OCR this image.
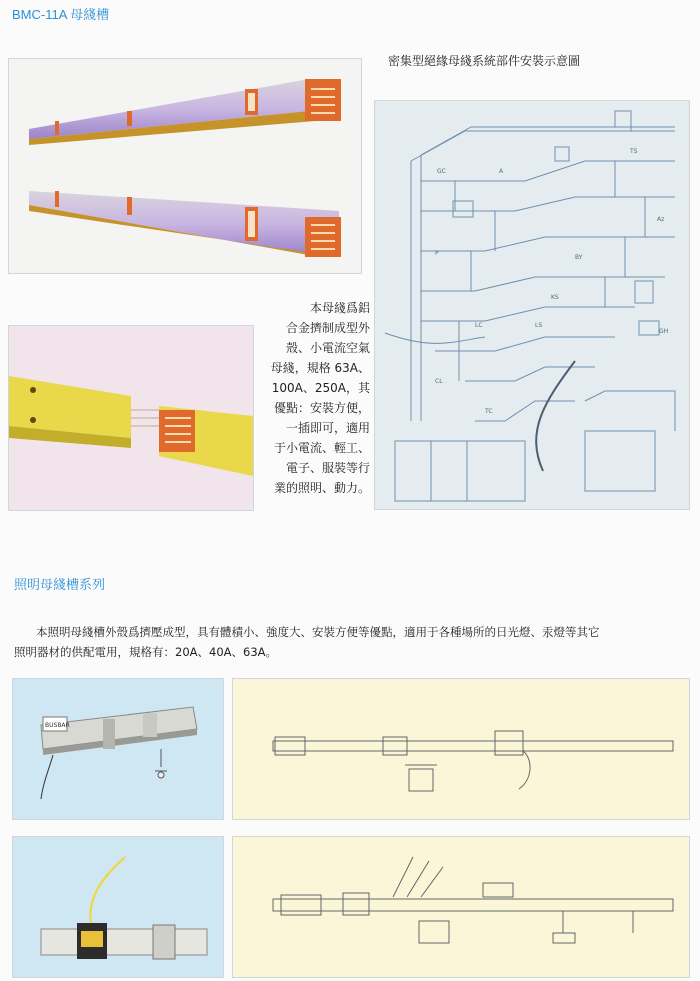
BMC-11A 母綫槽
本母綫爲鋁
合金擠制成型外
殼、小電流空氣
母綫，規格 63A、
100A、250A，其
優點：安裝方便，
一插即可，適用
于小電流、輕工、
電子、服裝等行
業的照明、動力。
密集型絕緣母綫系統部件安裝示意圖
TS
GC	A
Az
P
BY
KS
LC	LS
GH
CL
TC
照明母綫槽系列
本照明母綫槽外殼爲擠壓成型，具有體積小、強度大、安裝方便等優點，適用于各種場所的日光燈、汞燈等其它
照明器材的供配電用，規格有：20A、40A、63A。
BUSBAR
